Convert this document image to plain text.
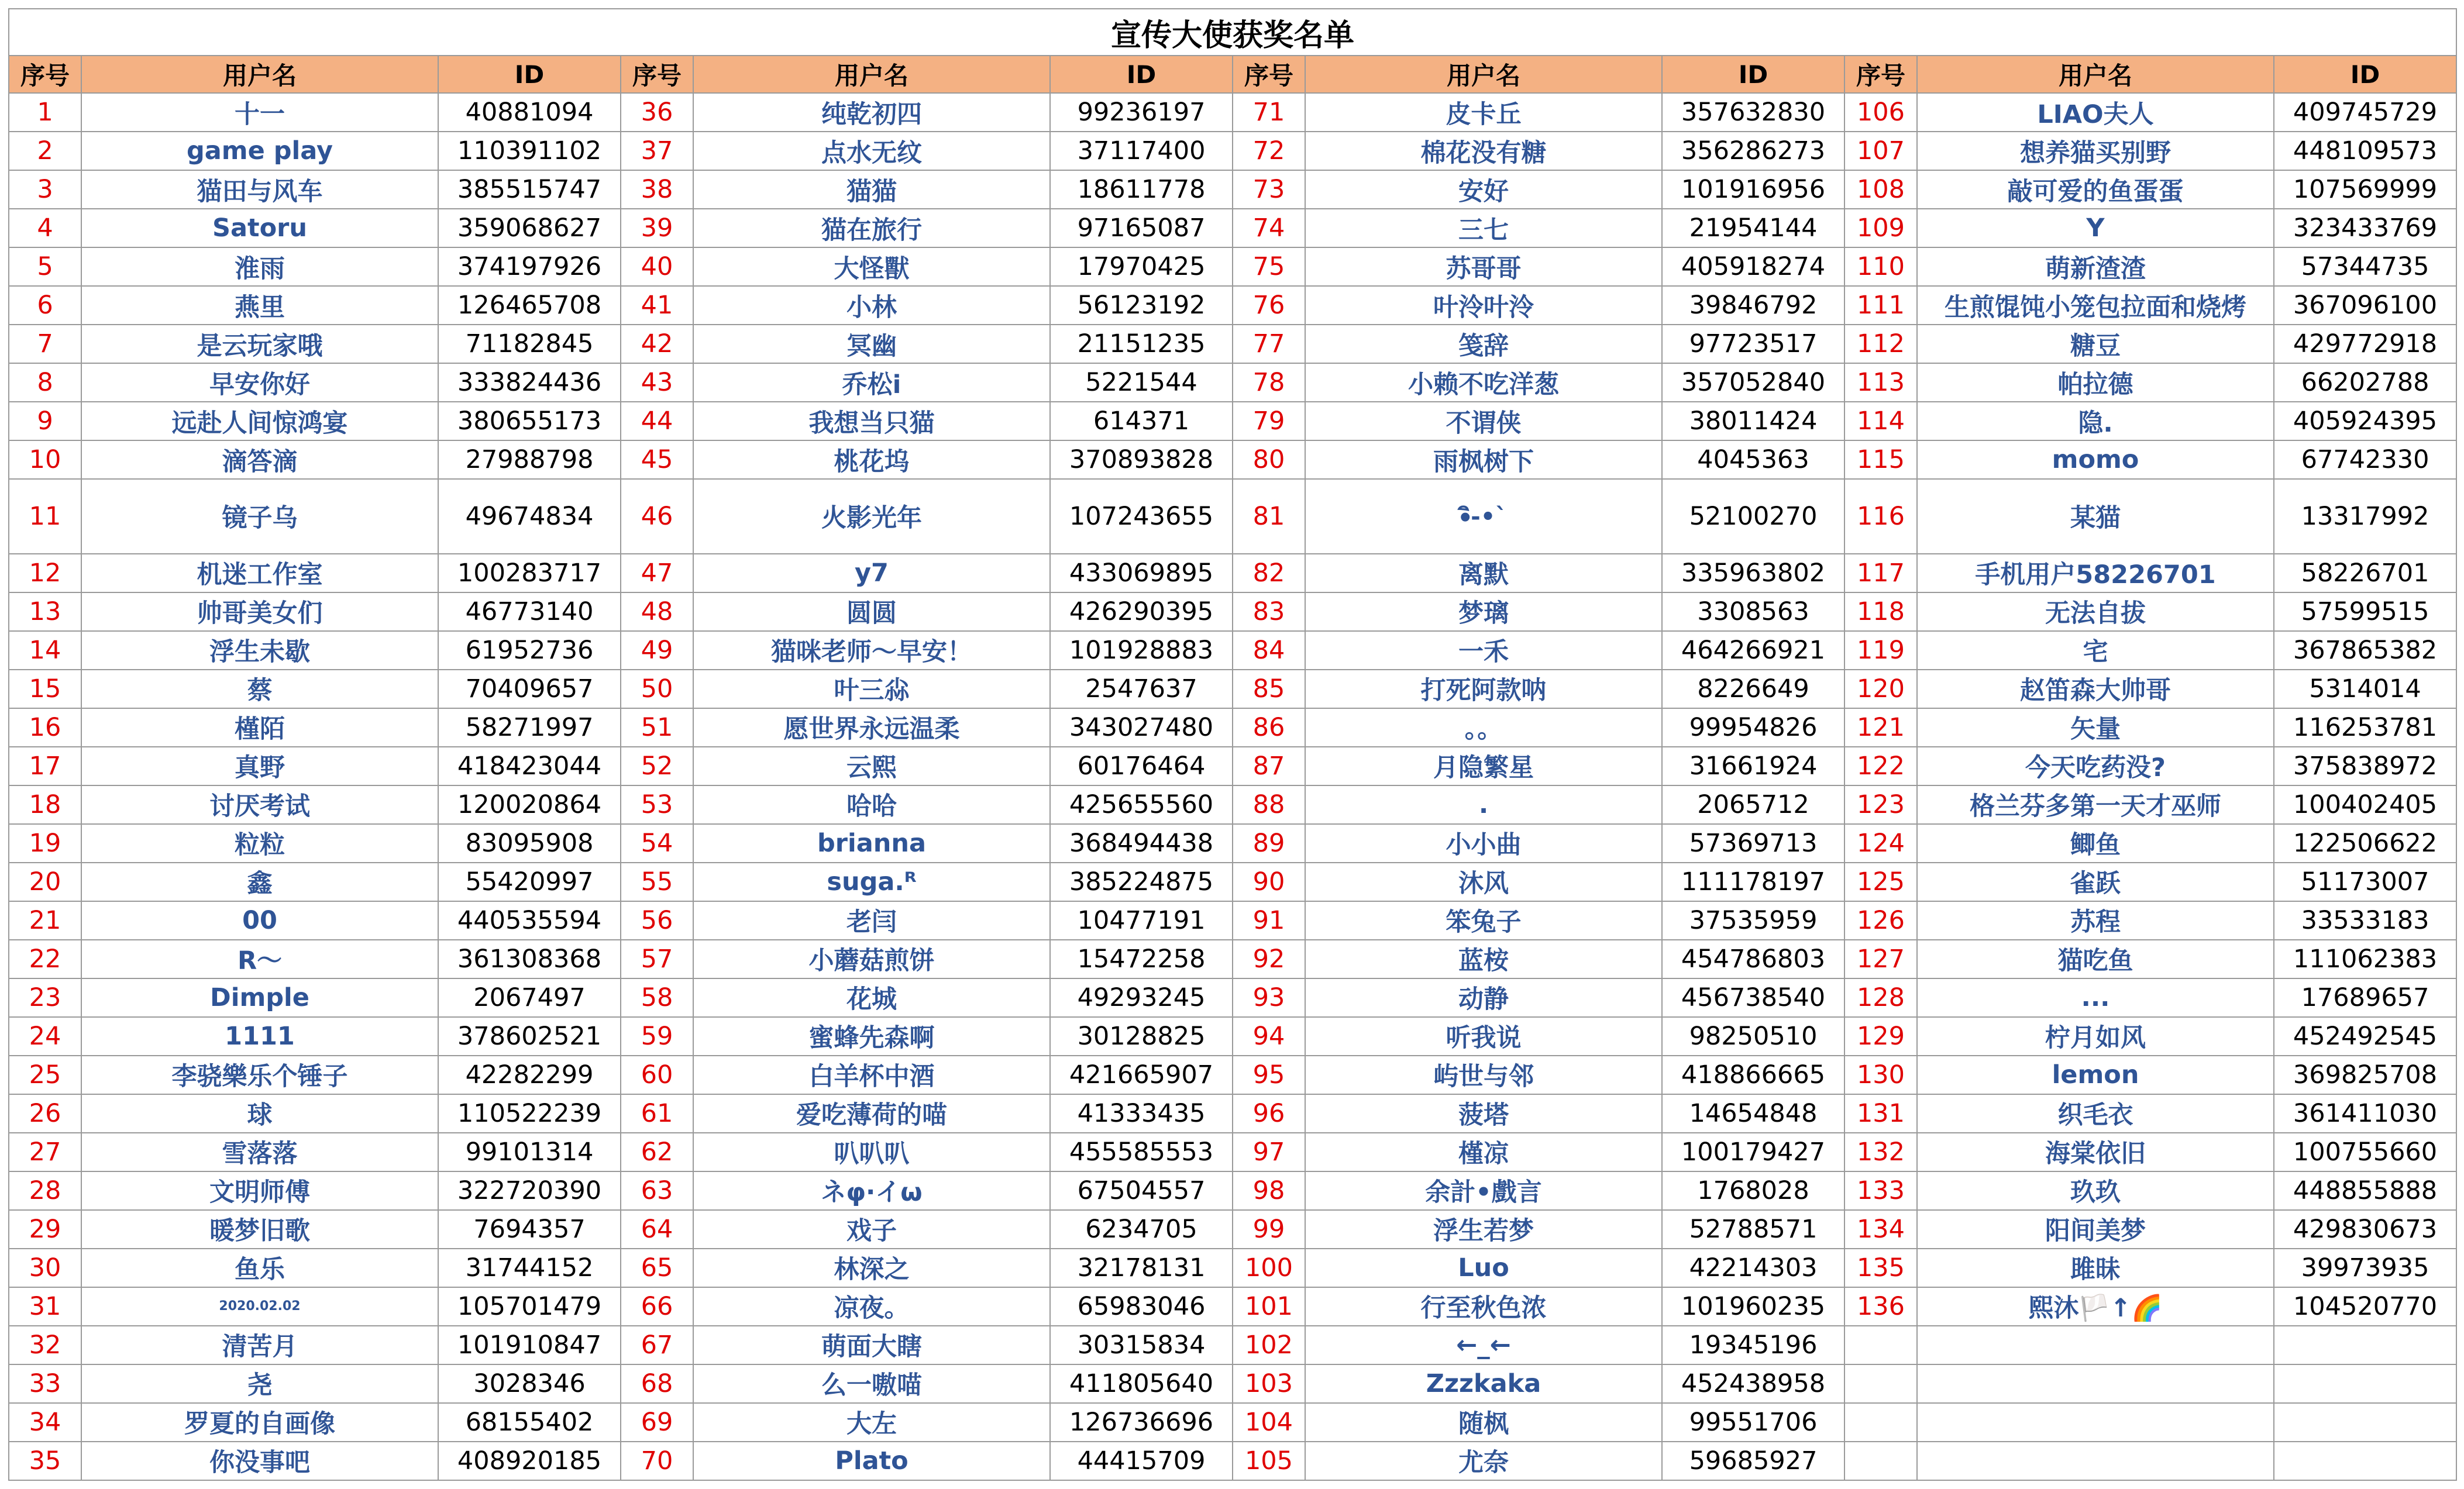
宣传大使获奖名单											
序号	用户名	ID	序号	用户名	ID	序号	用户名	ID	序号	用户名	ID
1	十一	40881094	36	纯乾初四	99236197	71	皮卡丘	357632830	106	LIAO夫人	409745729
2	game play	110391102	37	点水无纹	37117400	72	棉花没有糖	356286273	107	想养猫买别野	448109573
3	猫田与风车	385515747	38	猫猫	18611778	73	安好	101916956	108	敲可爱的鱼蛋蛋	107569999
4	Satoru	359068627	39	猫在旅行	97165087	74	三七	21954144	109	Y	323433769
5	淮雨	374197926	40	大怪獸	17970425	75	苏哥哥	405918274	110	萌新渣渣	57344735
6	燕里	126465708	41	小林	56123192	76	叶泠叶泠	39846792	111	生煎馄饨小笼包拉面和烧烤	367096100
7	是云玩家哦	71182845	42	冥幽	21151235	77	笺辞	97723517	112	糖豆	429772918
8	早安你好	333824436	43	乔松i	5221544	78	小赖不吃洋葱	357052840	113	帕拉德	66202788
9	远赴人间惊鸿宴	380655173	44	我想当只猫	614371	79	不谓侠	38011424	114	隐.	405924395
10	滴答滴	27988798	45	桃花坞	370893828	80	雨枫树下	4045363	115	momo	67742330
11	镜子乌	49674834	46	火影光年	107243655	81	•ิ-•`	52100270	116	某猫	13317992
12	机迷工作室	100283717	47	y7	433069895	82	离默	335963802	117	手机用户58226701	58226701
13	帅哥美女们	46773140	48	圆圆	426290395	83	梦璃	3308563	118	无法自拔	57599515
14	浮生未歇	61952736	49	猫咪老师～早安！	101928883	84	一禾	464266921	119	宅	367865382
15	蔡	70409657	50	叶三尛	2547637	85	打死阿款呐	8226649	120	赵笛森大帅哥	5314014
16	槿陌	58271997	51	愿世界永远温柔	343027480	86	。。	99954826	121	矢量	116253781
17	真野	418423044	52	云熙	60176464	87	月隐繁星	31661924	122	今天吃药没?	375838972
18	讨厌考试	120020864	53	哈哈	425655560	88	.	2065712	123	格兰芬多第一天才巫师	100402405
19	粒粒	83095908	54	brianna	368494438	89	小小曲	57369713	124	鲫鱼	122506622
20	鑫	55420997	55	suga.ᴿ	385224875	90	沐风	111178197	125	雀跃	51173007
21	00	440535594	56	老闫	10477191	91	笨兔子	37535959	126	苏程	33533183
22	R～	361308368	57	小蘑菇煎饼	15472258	92	蓝桉	454786803	127	猫吃鱼	111062383
23	Dimple	2067497	58	花城	49293245	93	动静	456738540	128	...	17689657
24	1111	378602521	59	蜜蜂先森啊	30128825	94	听我说	98250510	129	柠月如风	452492545
25	李骁樂乐个锤子	42282299	60	白羊杯中酒	421665907	95	屿世与邻	418866665	130	lemon	369825708
26	球	110522239	61	爱吃薄荷的喵	41333435	96	菠塔	14654848	131	织毛衣	361411030
27	雪落落	99101314	62	叭叭叭	455585553	97	槿凉	100179427	132	海棠依旧	100755660
28	文明师傅	322720390	63	ネφ·イω	67504557	98	余計•戲言	1768028	133	玖玖	448855888
29	暖梦旧歌	7694357	64	戏子	6234705	99	浮生若梦	52788571	134	阳间美梦	429830673
30	鱼乐	31744152	65	林深之	32178131	100	Luo	42214303	135	雎昧	39973935
31	2020.02.02	105701479	66	凉夜。	65983046	101	行至秋色浓	101960235	136	熙沐🏳️↑🌈	104520770
32	清苦月	101910847	67	萌面大瞎	30315834	102	←_←	19345196			
33	尧	3028346	68	么一嗷喵	411805640	103	Zzzkaka	452438958			
34	罗夏的自画像	68155402	69	大左	126736696	104	随枫	99551706			
35	你没事吧	408920185	70	Plato	44415709	105	尤奈	59685927			
